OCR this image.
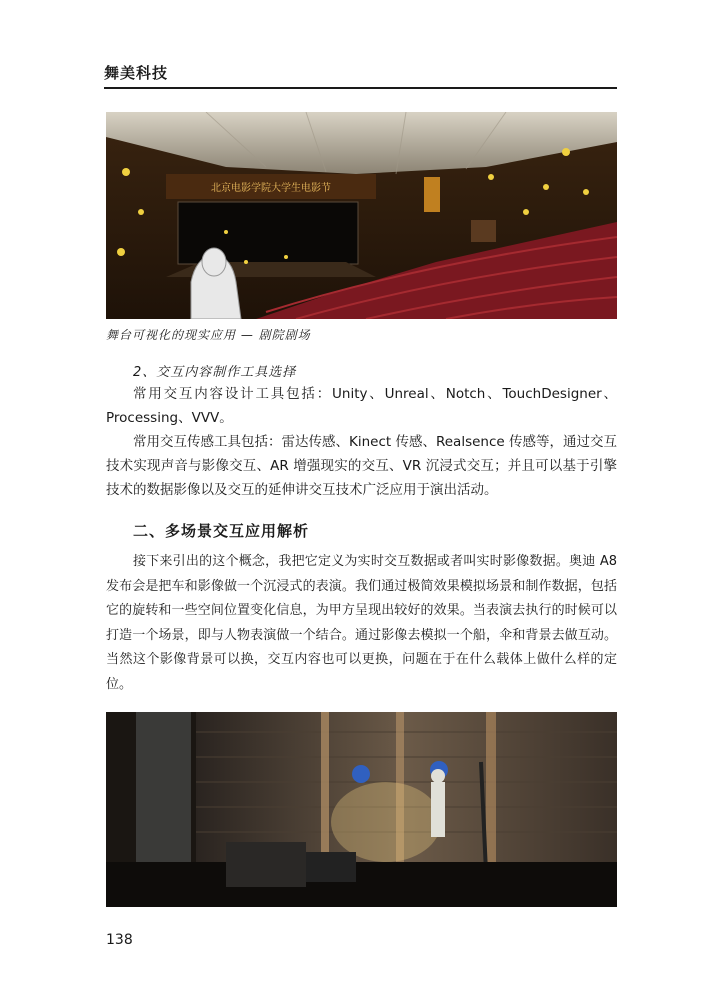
舞美科技
北京电影学院大学生电影节
舞台可视化的现实应用 — 剧院剧场
2、交互内容制作工具选择

常用交互内容设计工具包括：Unity、Unreal、Notch、TouchDesigner、Processing、VVV。

常用交互传感工具包括：雷达传感、Kinect 传感、Realsence 传感等，通过交互技术实现声音与影像交互、AR 增强现实的交互、VR 沉浸式交互；并且可以基于引擎技术的数据影像以及交互的延伸讲交互技术广泛应用于演出活动。

二、多场景交互应用解析

接下来引出的这个概念，我把它定义为实时交互数据或者叫实时影像数据。奥迪 A8 发布会是把车和影像做一个沉浸式的表演。我们通过极简效果模拟场景和制作数据，包括它的旋转和一些空间位置变化信息，为甲方呈现出较好的效果。当表演去执行的时候可以打造一个场景，即与人物表演做一个结合。通过影像去模拟一个船，伞和背景去做互动。当然这个影像背景可以换，交互内容也可以更换，问题在于在什么载体上做什么样的定位。

138
